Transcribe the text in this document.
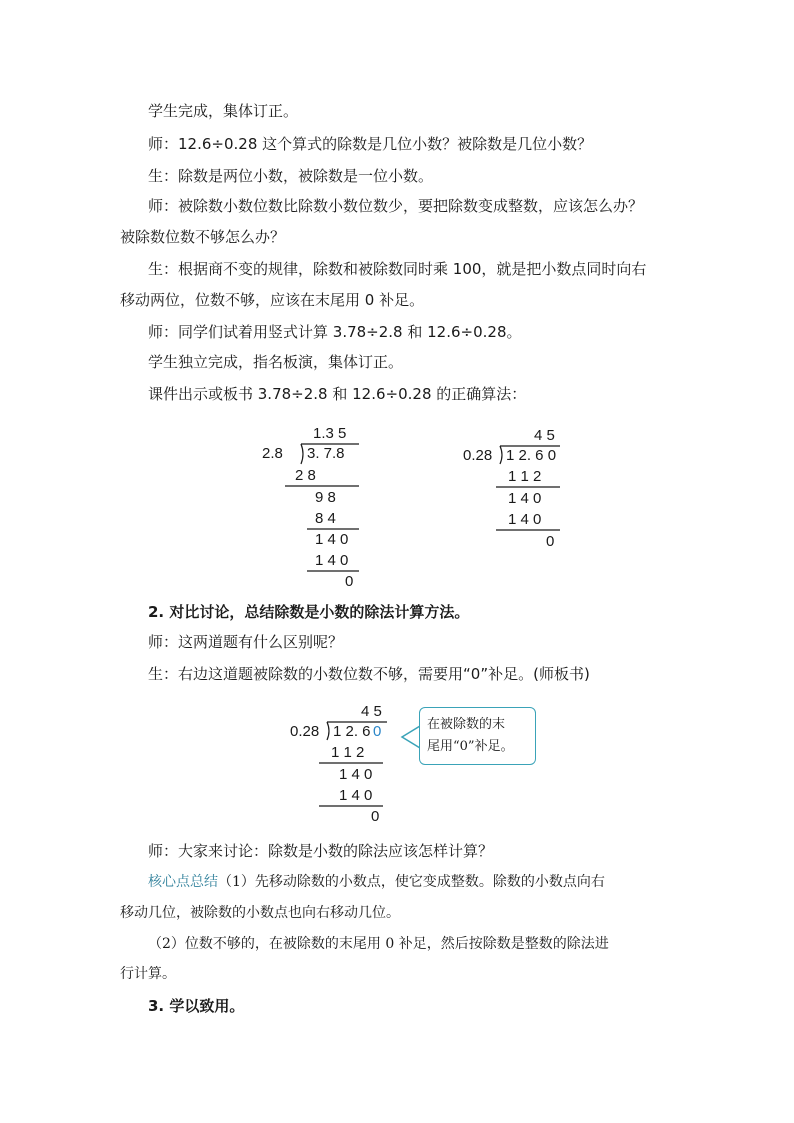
学生完成，集体订正。
师：12.6÷0.28 这个算式的除数是几位小数？被除数是几位小数？
生：除数是两位小数，被除数是一位小数。
师：被除数小数位数比除数小数位数少，要把除数变成整数，应该怎么办？
被除数位数不够怎么办？
生：根据商不变的规律，除数和被除数同时乘 100，就是把小数点同时向右
移动两位，位数不够，应该在末尾用 0 补足。
师：同学们试着用竖式计算 3.78÷2.8 和 12.6÷0.28。
学生独立完成，指名板演，集体订正。
课件出示或板书 3.78÷2.8 和 12.6÷0.28 的正确算法：
1.3 5
2.8 3. 7.8
2 8
9 8
8 4
1 4 0
1 4 0
0
4 5
0.28 1 2. 6 0
1 1 2
1 4 0
1 4 0
0
2. 对比讨论，总结除数是小数的除法计算方法。
师：这两道题有什么区别呢？
生：右边这道题被除数的小数位数不够，需要用“0”补足。(师板书)
4 5
0.28 1 2. 6 0
1 1 2
1 4 0
1 4 0
0
在被除数的末
尾用“0”补足。
师：大家来讨论：除数是小数的除法应该怎样计算？
核心点总结（1）先移动除数的小数点，使它变成整数。除数的小数点向右
移动几位，被除数的小数点也向右移动几位。
（2）位数不够的，在被除数的末尾用 0 补足，然后按除数是整数的除法进
行计算。
3. 学以致用。
